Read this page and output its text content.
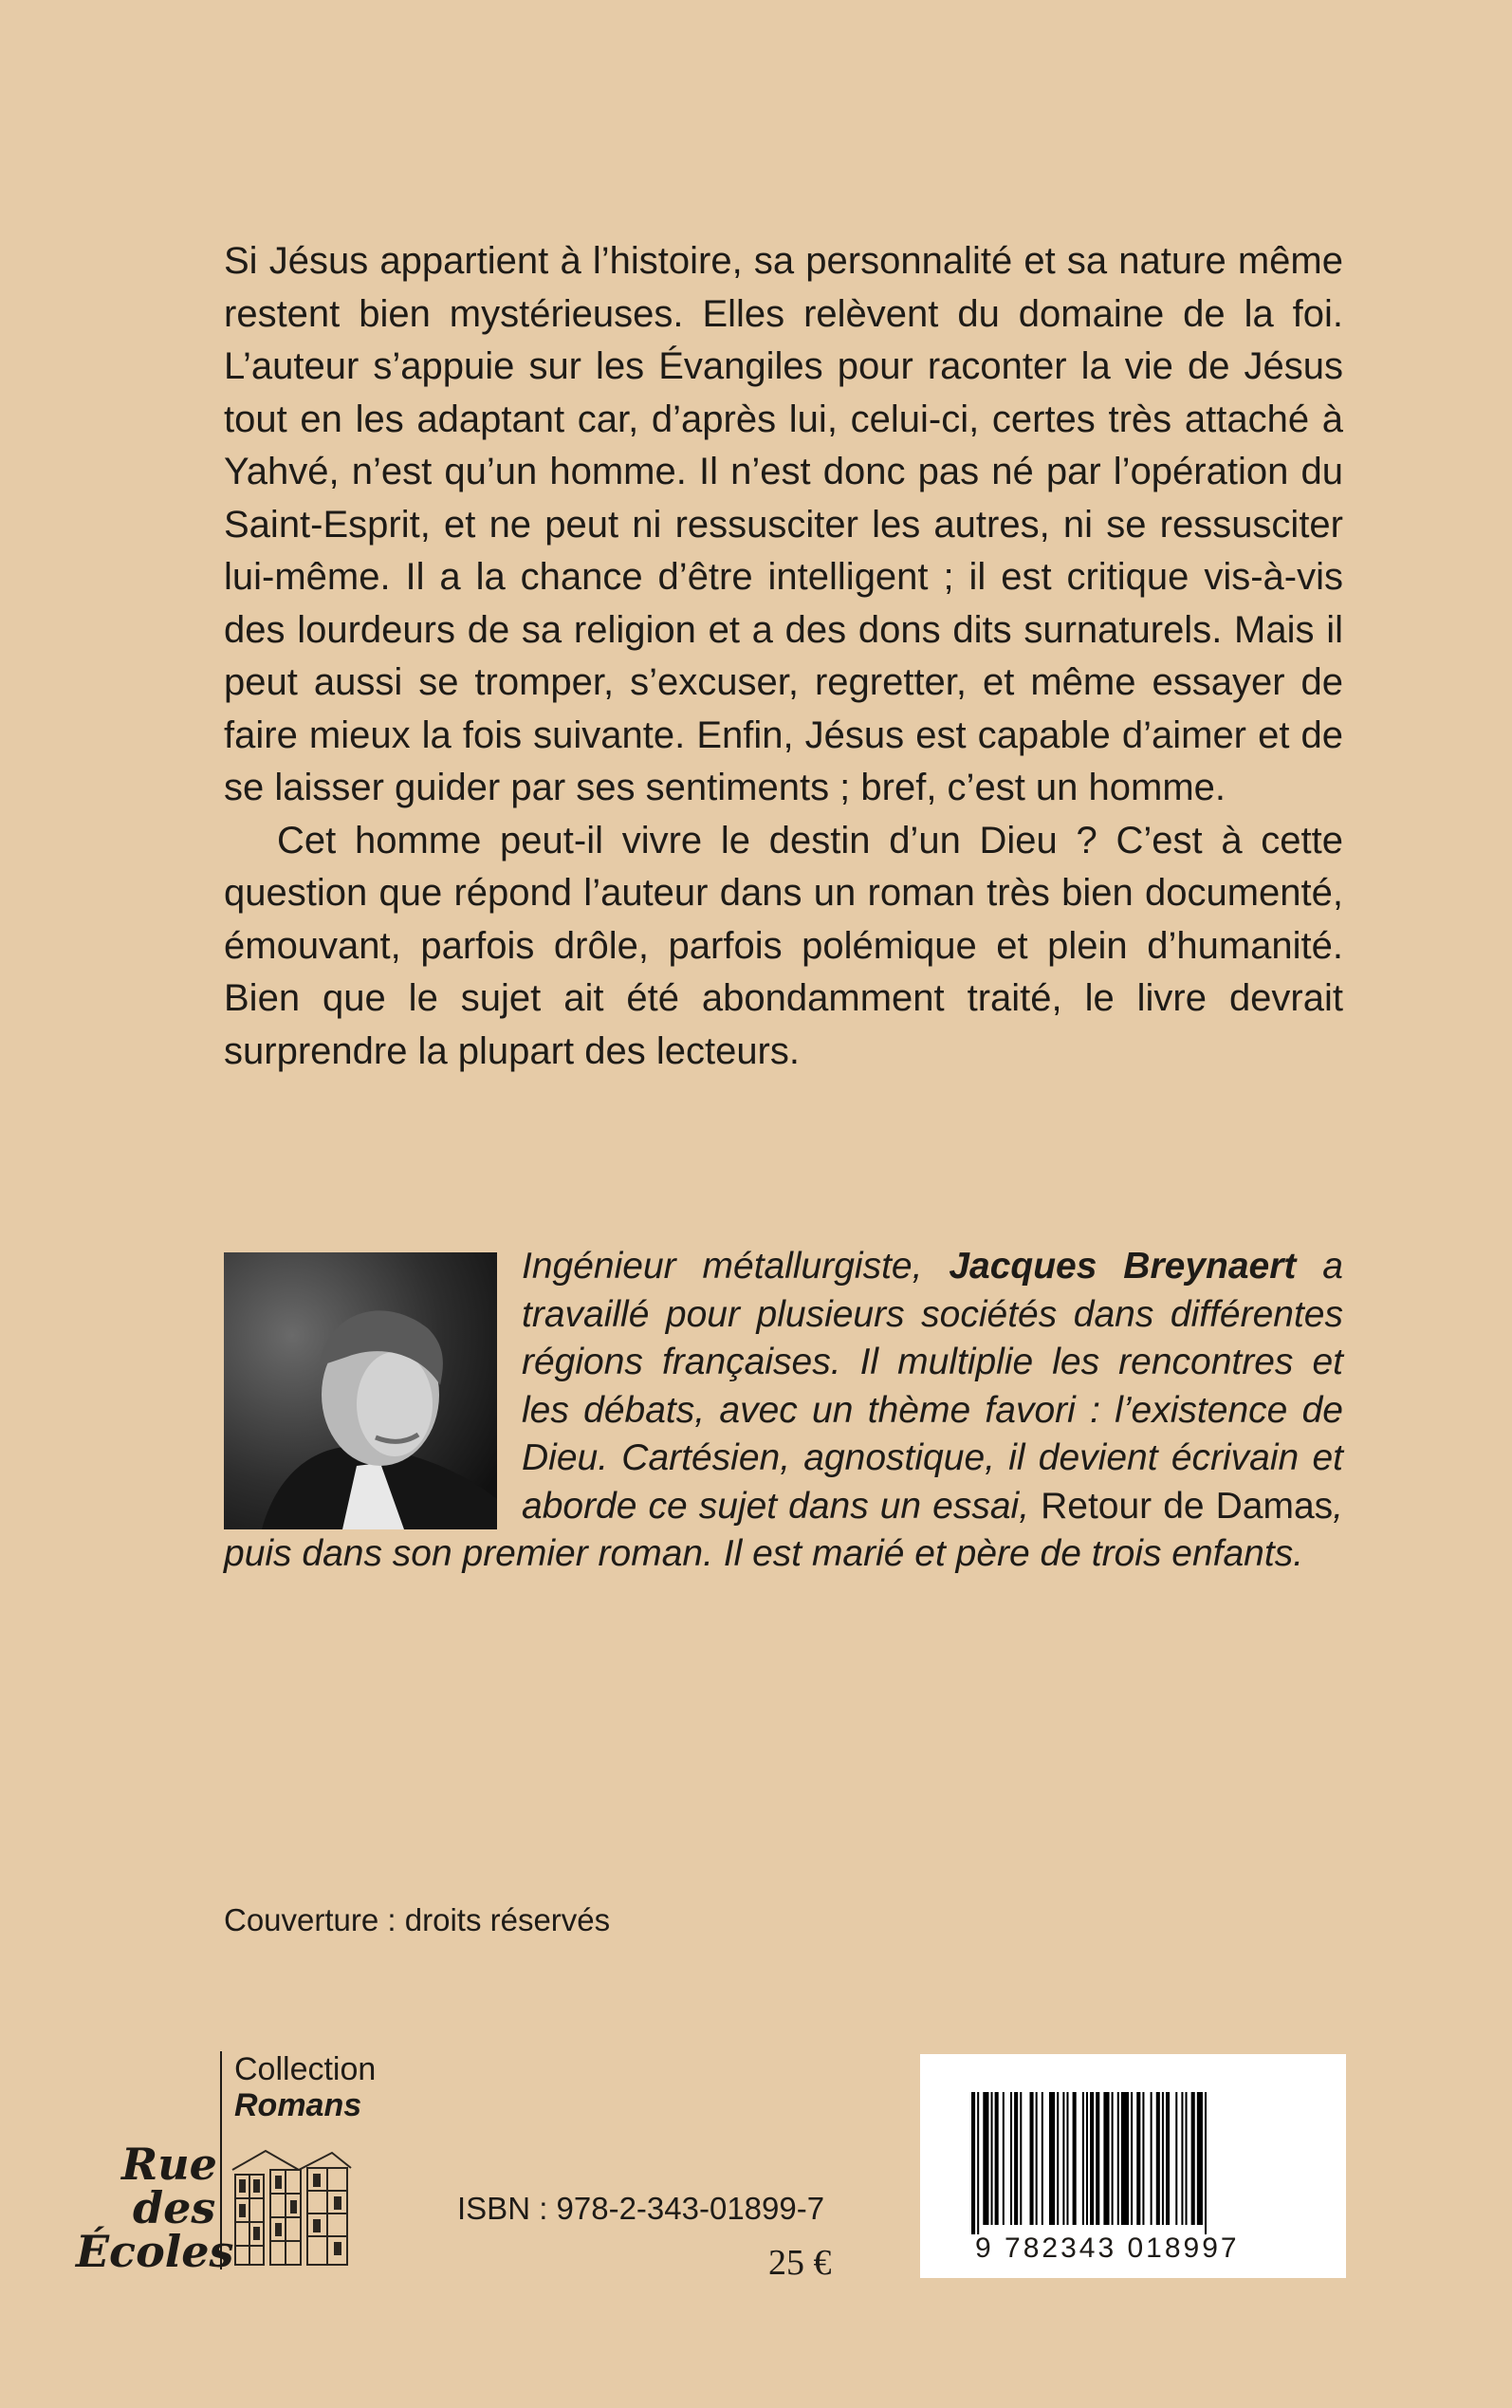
Si Jésus appartient à l’histoire, sa personnalité et sa nature même restent bien mystérieuses. Elles relèvent du domaine de la foi. L’auteur s’appuie sur les Évangiles pour raconter la vie de Jésus tout en les adaptant car, d’après lui, celui-ci, certes très attaché à Yahvé, n’est qu’un homme. Il n’est donc pas né par l’opération du Saint-Esprit, et ne peut ni ressusciter les autres, ni se ressusciter lui-même. Il a la chance d’être intelligent ; il est critique vis-à-vis des lourdeurs de sa religion et a des dons dits surnaturels. Mais il peut aussi se tromper, s’excuser, regretter, et même essayer de faire mieux la fois suivante. Enfin, Jésus est capable d’aimer et de se laisser guider par ses sentiments ; bref, c’est un homme.

Cet homme peut-il vivre le destin d’un Dieu ? C’est à cette question que répond l’auteur dans un roman très bien documenté, émouvant, parfois drôle, parfois polémique et plein d’humanité. Bien que le sujet ait été abondamment traité, le livre devrait surprendre la plupart des lecteurs.

Ingénieur métallurgiste, Jacques Breynaert a travaillé pour plusieurs sociétés dans différentes régions françaises. Il multiplie les rencontres et les débats, avec un thème favori : l’existence de Dieu. Cartésien, agnostique, il devient écrivain et aborde ce sujet dans un essai, Retour de Damas, puis dans son premier roman. Il est marié et père de trois enfants.
Couverture : droits réservés
Collection
Romans
Rue
des
Écoles
ISBN : 978-2-343-01899-7
25 €	9 782343 018997
